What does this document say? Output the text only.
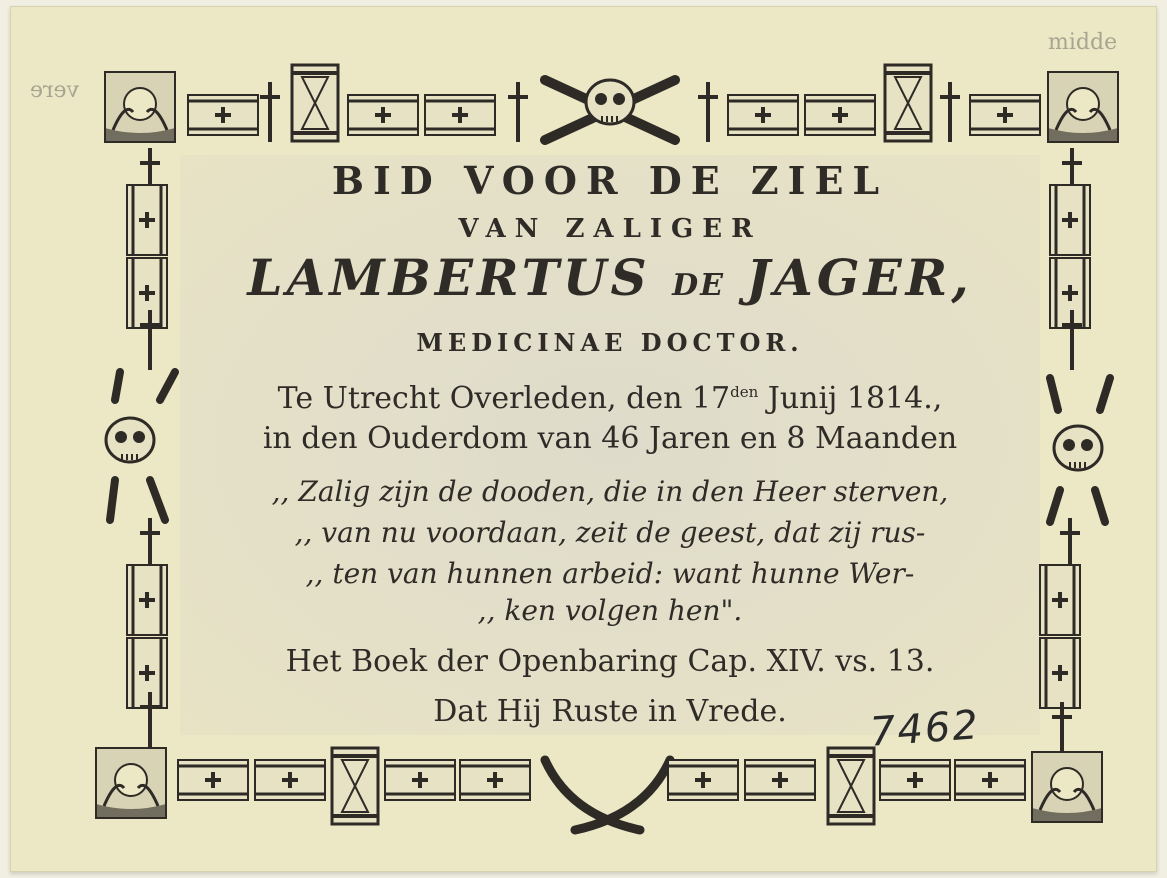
midde
vere
BID VOOR DE ZIEL
VAN ZALIGER
LAMBERTUS DE JAGER,
MEDICINAE DOCTOR.
Te Utrecht Overleden, den $17^{den}$ Junij 1814.,
in den Ouderdom van 46 Jaren en 8 Maanden
,, Zalig zijn de dooden, die in den Heer sterven,
,, van nu voordaan, zeit de geest, dat zij rus-
,, ten van hunnen arbeid: want hunne Wer-
,, ken volgen hen".
Het Boek der Openbaring Cap. XIV. vs. 13.
Dat Hij Ruste in Vrede.	7462
